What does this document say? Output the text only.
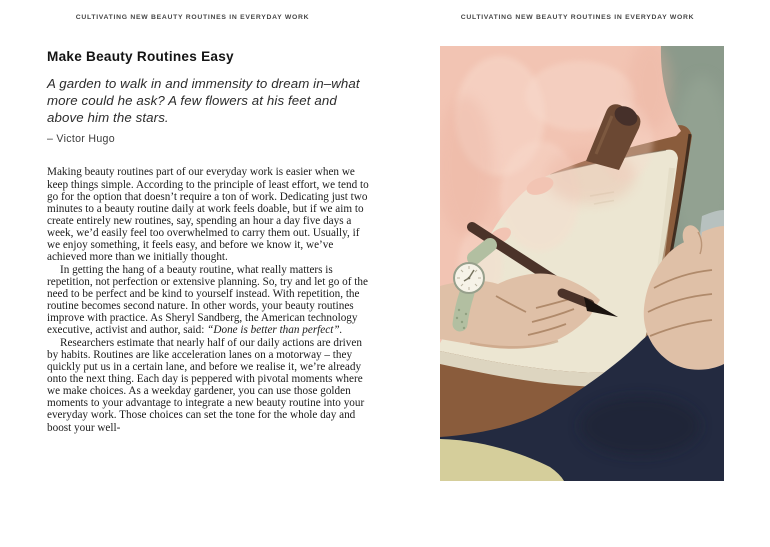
CULTIVATING NEW BEAUTY ROUTINES IN EVERYDAY WORK	CULTIVATING NEW BEAUTY ROUTINES IN EVERYDAY WORK
Make Beauty Routines Easy
A garden to walk in and immensity to dream in–what more could he ask? A few flowers at his feet and above him the stars.
– Victor Hugo

Making beauty routines part of our everyday work is easier when we keep things simple. According to the principle of least effort, we tend to go for the option that doesn’t require a ton of work. Dedicating just two minutes to a beauty routine daily at work feels doable, but if we aim to create entirely new routines, say, spending an hour a day five days a week, we’d easily feel too overwhelmed to carry them out. Usually, if we enjoy something, it feels easy, and before we know it, we’ve achieved more than we initially thought.

In getting the hang of a beauty routine, what really matters is repetition, not perfection or extensive planning. So, try and let go of the need to be perfect and be kind to yourself instead. With repetition, the routine becomes second nature. In other words, your beauty routines improve with practice. As Sheryl Sandberg, the American technology executive, activist and author, said: “Done is better than perfect”.

Researchers estimate that nearly half of our daily actions are driven by habits. Routines are like acceleration lanes on a motorway – they quickly put us in a certain lane, and before we realise it, we’re already onto the next thing. Each day is peppered with pivotal moments where we make choices. As a weekday gardener, you can use those golden moments to your advantage to integrate a new beauty routine into your everyday work. Those choices can set the tone for the whole day and boost your well-
